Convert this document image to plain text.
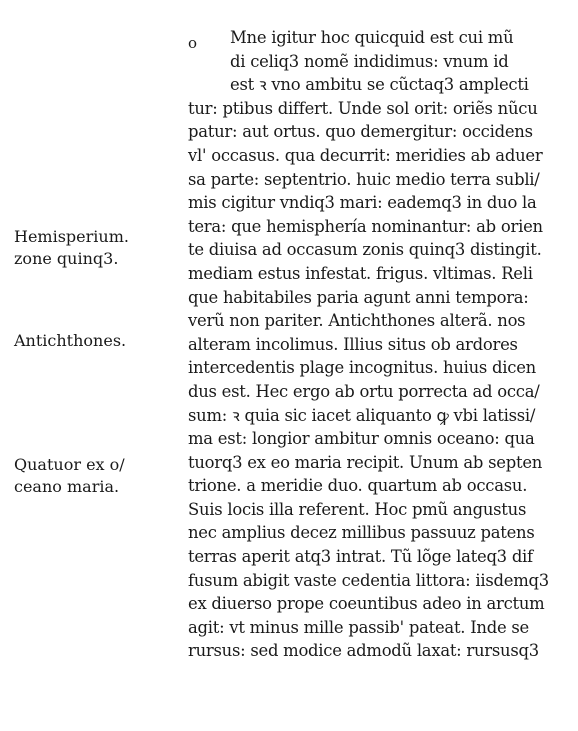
o	Mne igitur hoc quicquid est cui mũ
di celiq3 nomẽ indidimus: vnum id
est ꝛ vno ambitu se cũctaq3 amplecti
tur: ptibus differt. Unde sol orit: oriẽs nũcu
patur: aut ortus. quo demergitur: occidens
vl' occasus. qua decurrit: meridies ab aduer
sa parte: septentrio. huic medio terra subli/
mis cigitur vndiq3 mari: eademq3 in duo la
tera: que hemisphería nominantur: ab orien
te diuisa ad occasum zonis quinq3 distingit.
mediam estus infestat. frigus. vltimas. Reli
que habitabiles paria agunt anni tempora:
verũ non pariter. Antichthones alterã. nos
alteram incolimus. Illius situs ob ardores
intercedentis plage incognitus. huius dicen
dus est. Hec ergo ab ortu porrecta ad occa/
sum: ꝛ quia sic iacet aliquanto ꝙ vbi latissi/
ma est: longior ambitur omnis oceano: qua
tuorq3 ex eo maria recipit. Unum ab septen
trione. a meridie duo. quartum ab occasu.
Suis locis illa referent. Hoc pmũ angustus
nec amplius decez millibus passuuz patens
terras aperit atq3 intrat. Tũ lõge lateq3 dif
fusum abigit vaste cedentia littora: iisdemq3
ex diuerso prope coeuntibus adeo in arctum
agit: vt minus mille passib' pateat. Inde se
rursus: sed modice admodũ laxat: rursusq3
Hemisperium.
zone quinq3.
Antichthones.
Quatuor ex o/
ceano maria.
